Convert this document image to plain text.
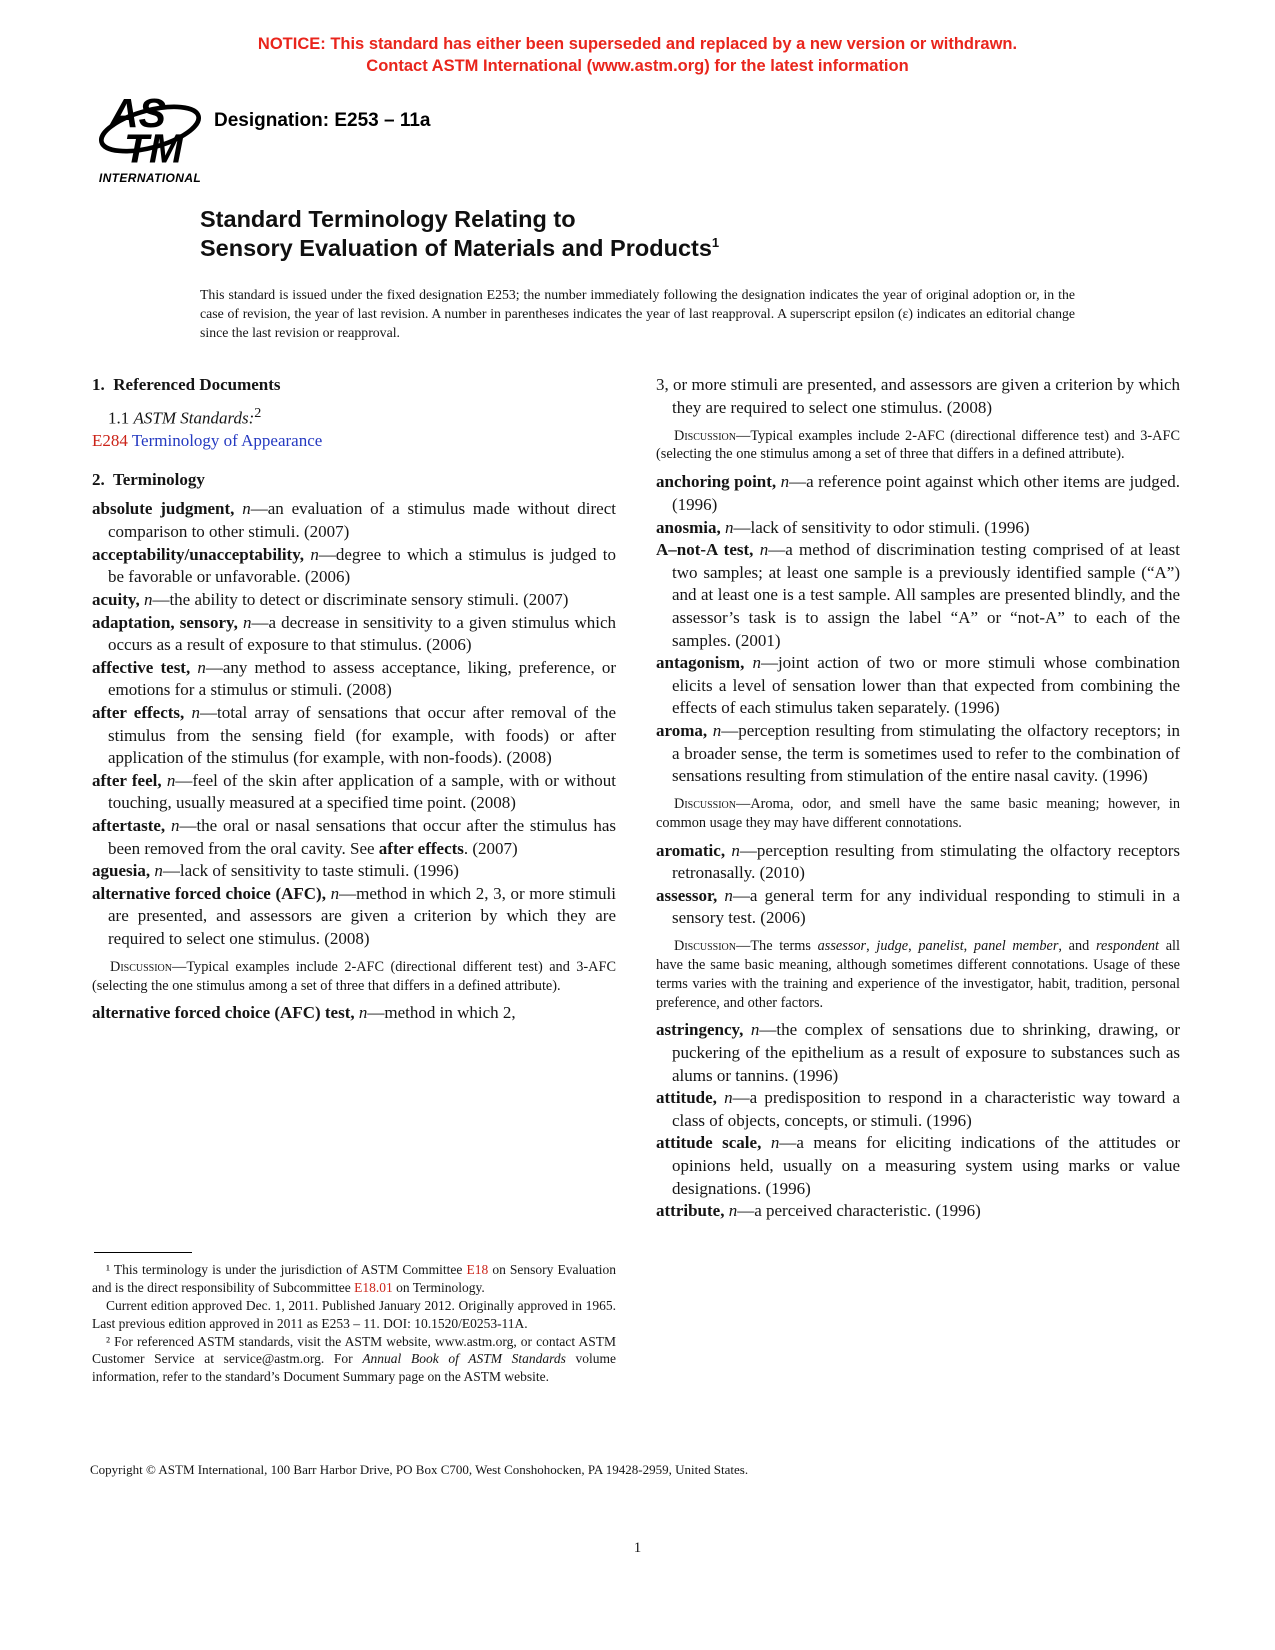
NOTICE: This standard has either been superseded and replaced by a new version or withdrawn.
Contact ASTM International (www.astm.org) for the latest information
AS
TM
INTERNATIONAL
Designation: E253 – 11a
Standard Terminology Relating to
Sensory Evaluation of Materials and Products$^1$

This standard is issued under the fixed designation E253; the number immediately following the designation indicates the year of original adoption or, in the case of revision, the year of last revision. A number in parentheses indicates the year of last reapproval. A superscript epsilon (ε) indicates an editorial change since the last revision or reapproval.

1.  Referenced Documents

1.1 ASTM Standards:$^2$

E284 Terminology of Appearance

2.  Terminology

absolute judgment, n—an evaluation of a stimulus made without direct comparison to other stimuli. (2007)

acceptability/unacceptability, n—degree to which a stimulus is judged to be favorable or unfavorable. (2006)

acuity, n—the ability to detect or discriminate sensory stimuli. (2007)

adaptation, sensory, n—a decrease in sensitivity to a given stimulus which occurs as a result of exposure to that stimulus. (2006)

affective test, n—any method to assess acceptance, liking, preference, or emotions for a stimulus or stimuli. (2008)

after effects, n—total array of sensations that occur after removal of the stimulus from the sensing field (for example, with foods) or after application of the stimulus (for example, with non-foods). (2008)

after feel, n—feel of the skin after application of a sample, with or without touching, usually measured at a specified time point. (2008)

aftertaste, n—the oral or nasal sensations that occur after the stimulus has been removed from the oral cavity. See after effects. (2007)

aguesia, n—lack of sensitivity to taste stimuli. (1996)

alternative forced choice (AFC), n—method in which 2, 3, or more stimuli are presented, and assessors are given a criterion by which they are required to select one stimulus. (2008)

Discussion—Typical examples include 2-AFC (directional different test) and 3-AFC (selecting the one stimulus among a set of three that differs in a defined attribute).

alternative forced choice (AFC) test, n—method in which 2,

¹ This terminology is under the jurisdiction of ASTM Committee E18 on Sensory Evaluation and is the direct responsibility of Subcommittee E18.01 on Terminology.

Current edition approved Dec. 1, 2011. Published January 2012. Originally approved in 1965. Last previous edition approved in 2011 as E253 – 11. DOI: 10.1520/E0253-11A.

² For referenced ASTM standards, visit the ASTM website, www.astm.org, or contact ASTM Customer Service at service@astm.org. For Annual Book of ASTM Standards volume information, refer to the standard’s Document Summary page on the ASTM website.

3, or more stimuli are presented, and assessors are given a criterion by which they are required to select one stimulus. (2008)

Discussion—Typical examples include 2-AFC (directional difference test) and 3-AFC (selecting the one stimulus among a set of three that differs in a defined attribute).

anchoring point, n—a reference point against which other items are judged. (1996)

anosmia, n—lack of sensitivity to odor stimuli. (1996)

A–not-A test, n—a method of discrimination testing comprised of at least two samples; at least one sample is a previously identified sample (“A”) and at least one is a test sample. All samples are presented blindly, and the assessor’s task is to assign the label “A” or “not-A” to each of the samples. (2001)

antagonism, n—joint action of two or more stimuli whose combination elicits a level of sensation lower than that expected from combining the effects of each stimulus taken separately. (1996)

aroma, n—perception resulting from stimulating the olfactory receptors; in a broader sense, the term is sometimes used to refer to the combination of sensations resulting from stimulation of the entire nasal cavity. (1996)

Discussion—Aroma, odor, and smell have the same basic meaning; however, in common usage they may have different connotations.

aromatic, n—perception resulting from stimulating the olfactory receptors retronasally. (2010)

assessor, n—a general term for any individual responding to stimuli in a sensory test. (2006)

Discussion—The terms assessor, judge, panelist, panel member, and respondent all have the same basic meaning, although sometimes different connotations. Usage of these terms varies with the training and experience of the investigator, habit, tradition, personal preference, and other factors.

astringency, n—the complex of sensations due to shrinking, drawing, or puckering of the epithelium as a result of exposure to substances such as alums or tannins. (1996)

attitude, n—a predisposition to respond in a characteristic way toward a class of objects, concepts, or stimuli. (1996)

attitude scale, n—a means for eliciting indications of the attitudes or opinions held, usually on a measuring system using marks or value designations. (1996)

attribute, n—a perceived characteristic. (1996)

Copyright © ASTM International, 100 Barr Harbor Drive, PO Box C700, West Conshohocken, PA 19428-2959, United States.

1
